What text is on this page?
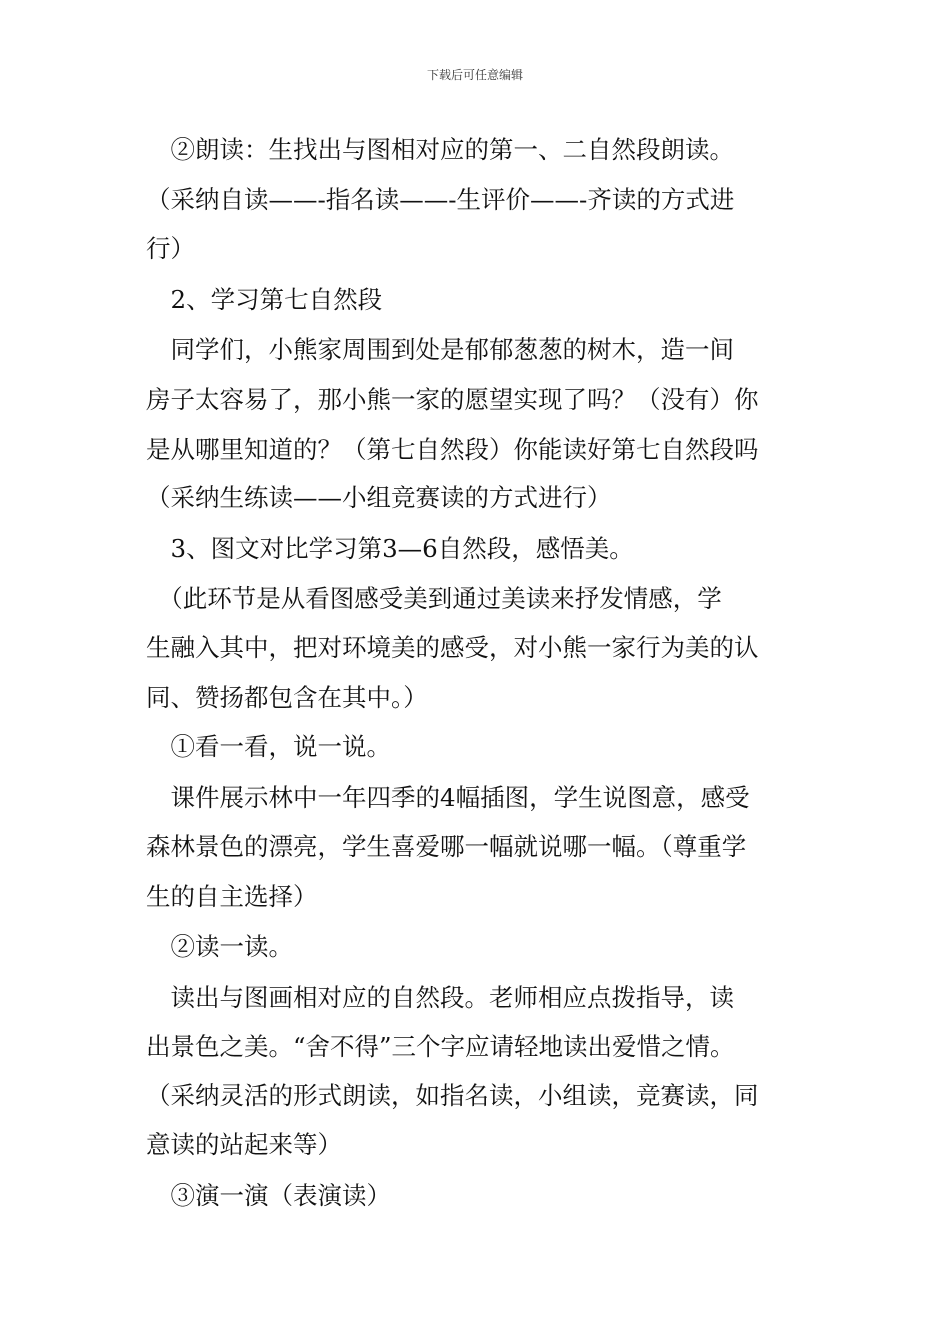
下载后可任意编辑
　②朗读：生找出与图相对应的第一、二自然段朗读。
（采纳自读——-指名读——-生评价——-齐读的方式进
行）
　2、学习第七自然段
　同学们，小熊家周围到处是郁郁葱葱的树木，造一间
房子太容易了，那小熊一家的愿望实现了吗？（没有）你
是从哪里知道的？（第七自然段）你能读好第七自然段吗
（采纳生练读——小组竞赛读的方式进行）
　3、图文对比学习第3—6自然段，感悟美。
　（此环节是从看图感受美到通过美读来抒发情感，学
生融入其中，把对环境美的感受，对小熊一家行为美的认
同、赞扬都包含在其中。）
　①看一看，说一说。
　课件展示林中一年四季的4幅插图，学生说图意，感受
森林景色的漂亮，学生喜爱哪一幅就说哪一幅。（尊重学
生的自主选择）
　②读一读。
　读出与图画相对应的自然段。老师相应点拨指导，读
出景色之美。“舍不得”三个字应请轻地读出爱惜之情。
（采纳灵活的形式朗读，如指名读，小组读，竞赛读，同
意读的站起来等）
　③演一演（表演读）
